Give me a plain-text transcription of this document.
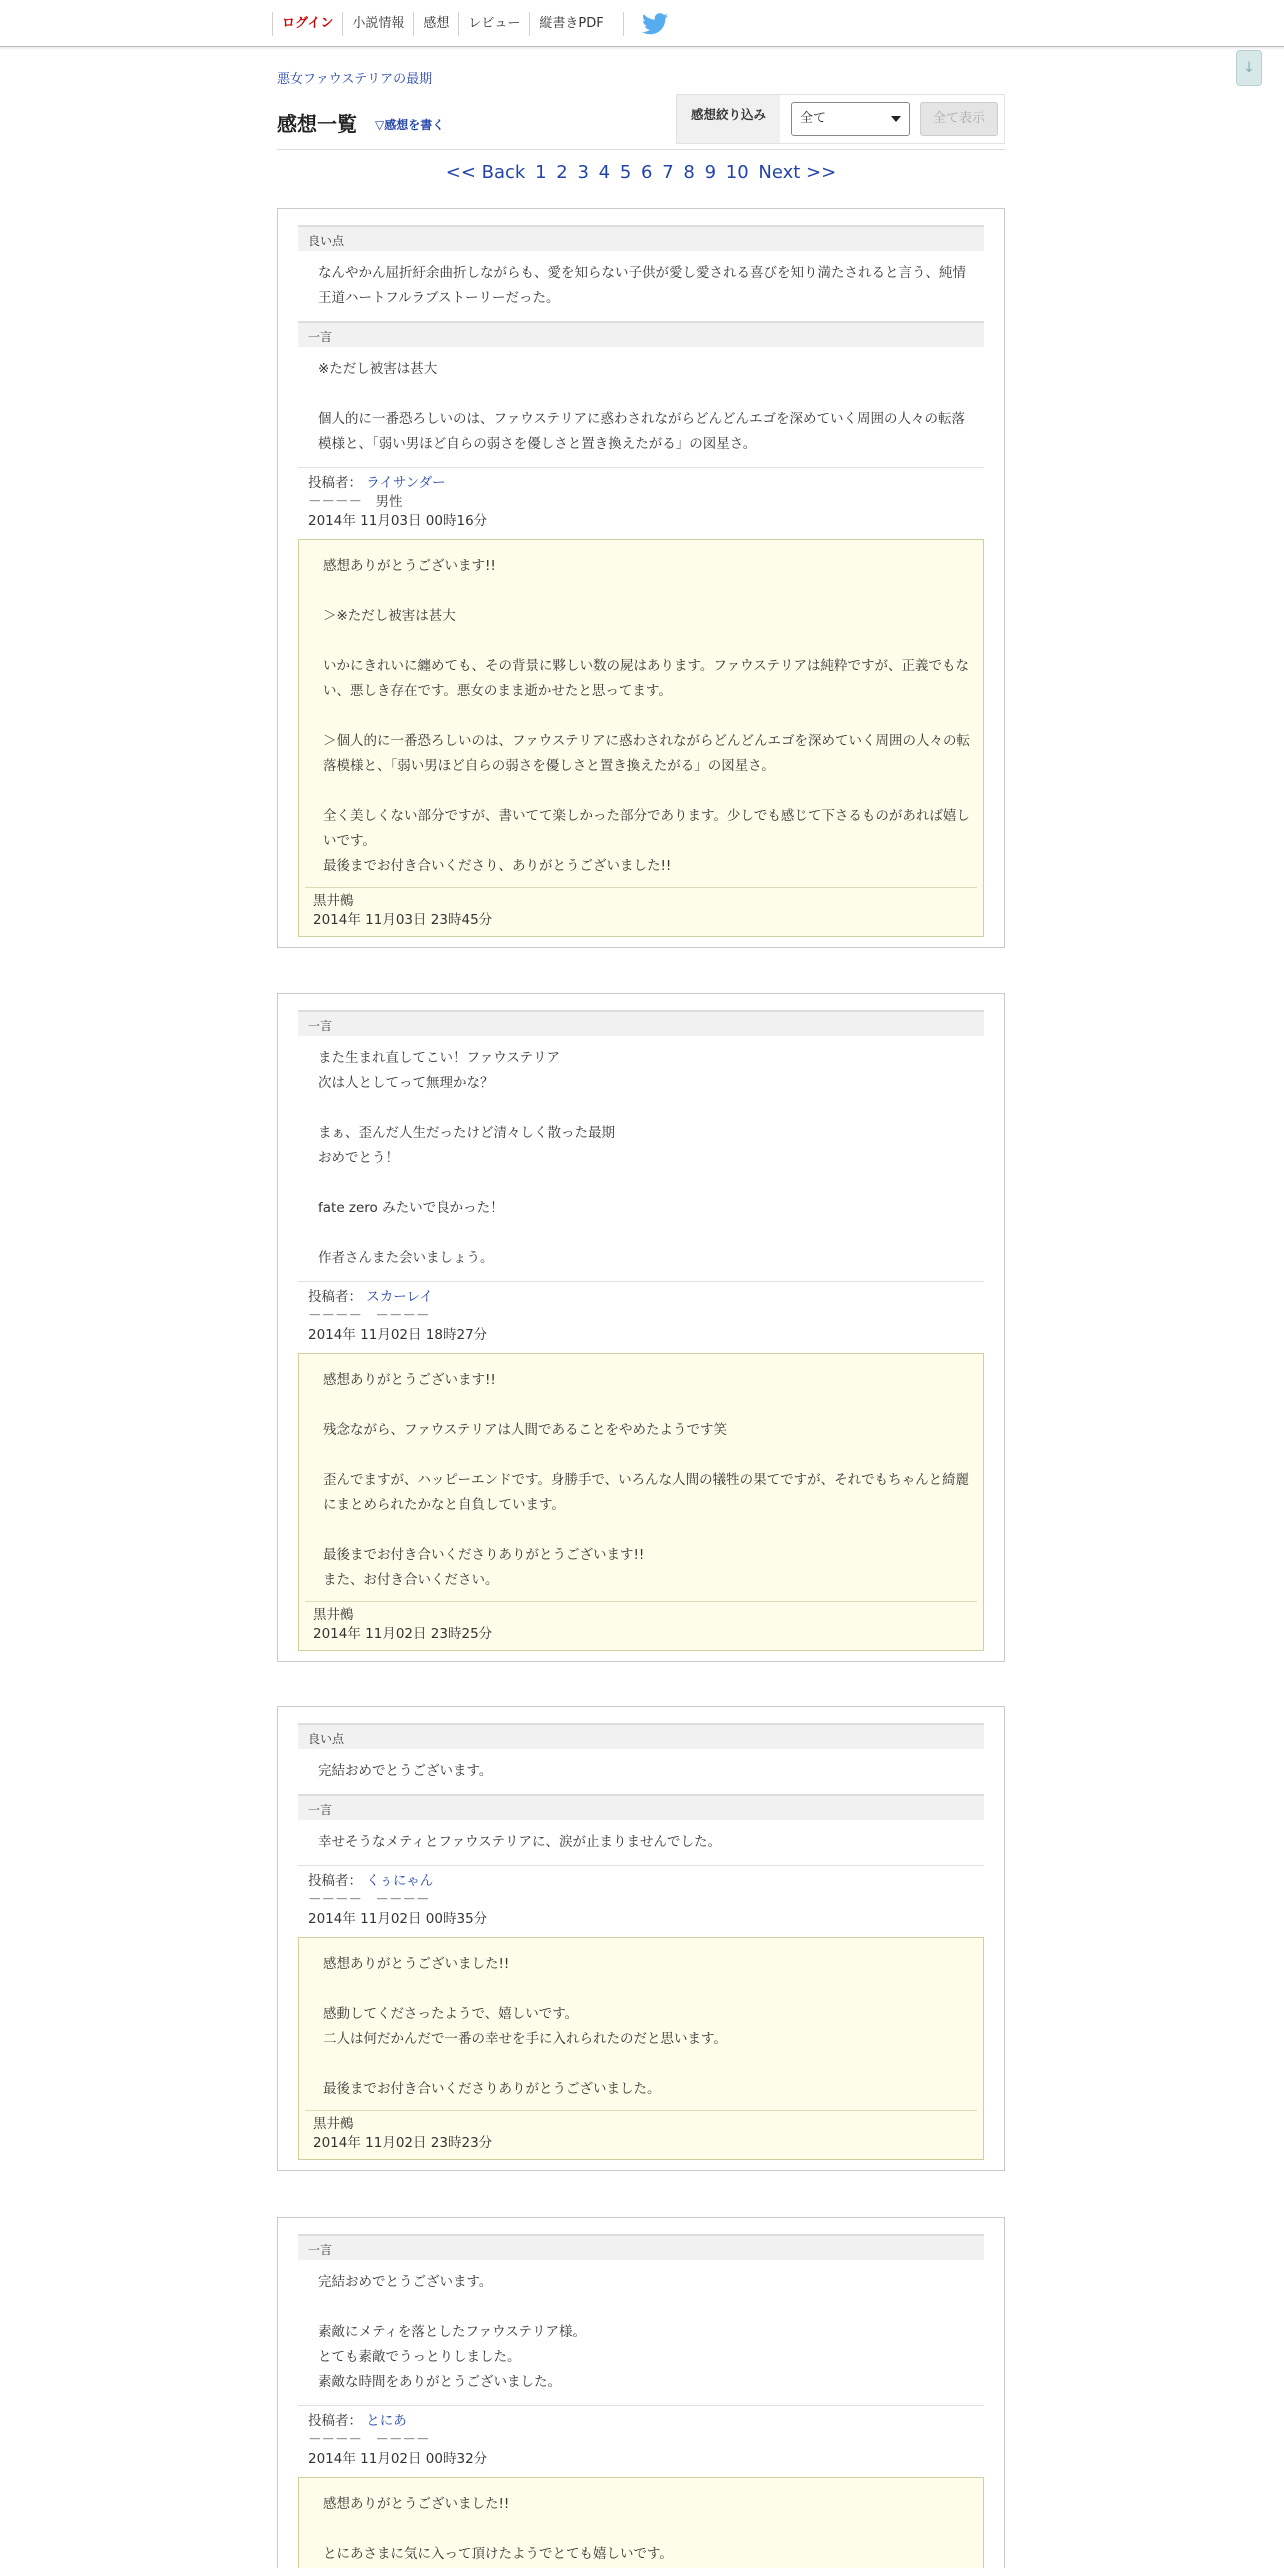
ログイン	小説情報	感想	レビュー	縦書きPDF
↓
悪女ファウステリアの最期
感想一覧 ▽感想を書く
感想絞り込み	全て	全て表示
<< Back 1 2 3 4 5 6 7 8 9 10 Next >>
良い点
なんやかん屈折紆余曲折しながらも、愛を知らない子供が愛し愛される喜びを知り満たされると言う、純情王道ハートフルラブストーリーだった。
一言
※ただし被害は甚大

個人的に一番恐ろしいのは、ファウステリアに惑わされながらどんどんエゴを深めていく周囲の人々の転落模様と、「弱い男ほど自らの弱さを優しさと置き換えたがる」の図星さ。
投稿者： ライサンダー
－－－－　男性
2014年 11月03日 00時16分
感想ありがとうございます!!

＞※ただし被害は甚大

いかにきれいに纏めても、その背景に夥しい数の屍はあります。ファウステリアは純粋ですが、正義でもない、悪しき存在です。悪女のまま逝かせたと思ってます。

＞個人的に一番恐ろしいのは、ファウステリアに惑わされながらどんどんエゴを深めていく周囲の人々の転落模様と、「弱い男ほど自らの弱さを優しさと置き換えたがる」の図星さ。

全く美しくない部分ですが、書いてて楽しかった部分であります。少しでも感じて下さるものがあれば嬉しいです。
最後までお付き合いくださり、ありがとうございました!!
黒井鵺
2014年 11月03日 23時45分
一言
また生まれ直してこい！ファウステリア
次は人としてって無理かな？

まぁ、歪んだ人生だったけど清々しく散った最期
おめでとう！

fate zero みたいで良かった！

作者さんまた会いましょう。
投稿者： スカーレイ
－－－－　－－－－
2014年 11月02日 18時27分
感想ありがとうございます!!

残念ながら、ファウステリアは人間であることをやめたようです笑

歪んでますが、ハッピーエンドです。身勝手で、いろんな人間の犠牲の果てですが、それでもちゃんと綺麗にまとめられたかなと自負しています。

最後までお付き合いくださりありがとうございます!!
また、お付き合いください。
黒井鵺
2014年 11月02日 23時25分
良い点
完結おめでとうございます。
一言
幸せそうなメティとファウステリアに、涙が止まりませんでした。
投稿者： くぅにゃん
－－－－　－－－－
2014年 11月02日 00時35分
感想ありがとうございました!!

感動してくださったようで、嬉しいです。
二人は何だかんだで一番の幸せを手に入れられたのだと思います。

最後までお付き合いくださりありがとうございました。
黒井鵺
2014年 11月02日 23時23分
一言
完結おめでとうございます。

素敵にメティを落としたファウステリア様。
とても素敵でうっとりしました。
素敵な時間をありがとうございました。
投稿者： とにあ
－－－－　－－－－
2014年 11月02日 00時32分
感想ありがとうございました!!

とにあさまに気に入って頂けたようでとても嬉しいです。
